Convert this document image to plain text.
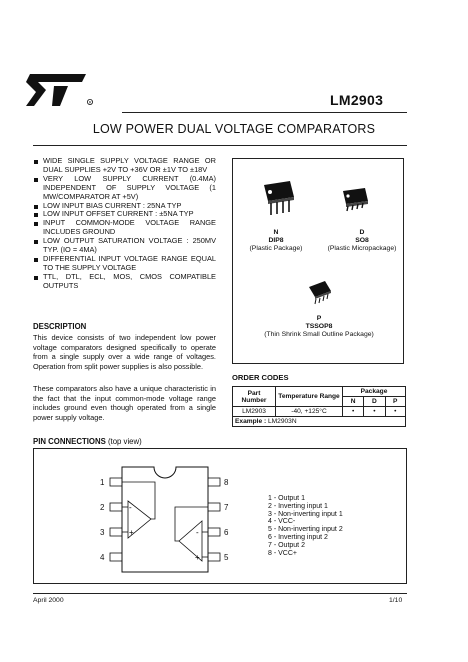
R	LM2903
LOW POWER DUAL VOLTAGE COMPARATORS
WIDE SINGLE SUPPLY VOLTAGE RANGE OR DUAL SUPPLIES +2V TO +36V OR ±1V TO ±18V
VERY LOW SUPPLY CURRENT (0.4MA) INDEPENDENT OF SUPPLY VOLTAGE (1 MW/COMPARATOR AT +5V)
LOW INPUT BIAS CURRENT : 25NA TYP
LOW INPUT OFFSET CURRENT : ±5NA TYP
INPUT COMMON-MODE VOLTAGE RANGE INCLUDES GROUND
LOW OUTPUT SATURATION VOLTAGE : 250MV TYP. (IO = 4MA)
DIFFERENTIAL INPUT VOLTAGE RANGE EQUAL TO THE SUPPLY VOLTAGE
TTL, DTL, ECL, MOS, CMOS COMPATIBLE OUTPUTS
DESCRIPTION

This device consists of two independent low power voltage comparators designed specifically to operate from a single supply over a wide range of voltages. Operation from split power supplies is also possible.

These comparators also have a unique characteristic in the fact that the input common-mode voltage range includes ground even though operated from a single power supply voltage.

N
DIP8
(Plastic Package)
D
SO8
(Plastic Micropackage)
P
TSSOP8
(Thin Shrink Small Outline Package)
ORDER CODES
Part Number	Temperature Range	Package		
		N	D	P
LM2903	-40, +125°C	•	•	•
Example : LM2903N				
PIN CONNECTIONS (top view)
1
2
3
4
8
7
6
5
-
+	-
+
1 - Output 1
2 - Inverting input 1
3 - Non-inverting input 1
4 - VCC-
5 - Non-inverting input 2
6 - Inverting input 2
7 - Output 2
8 - VCC+
April 2000	1/10
